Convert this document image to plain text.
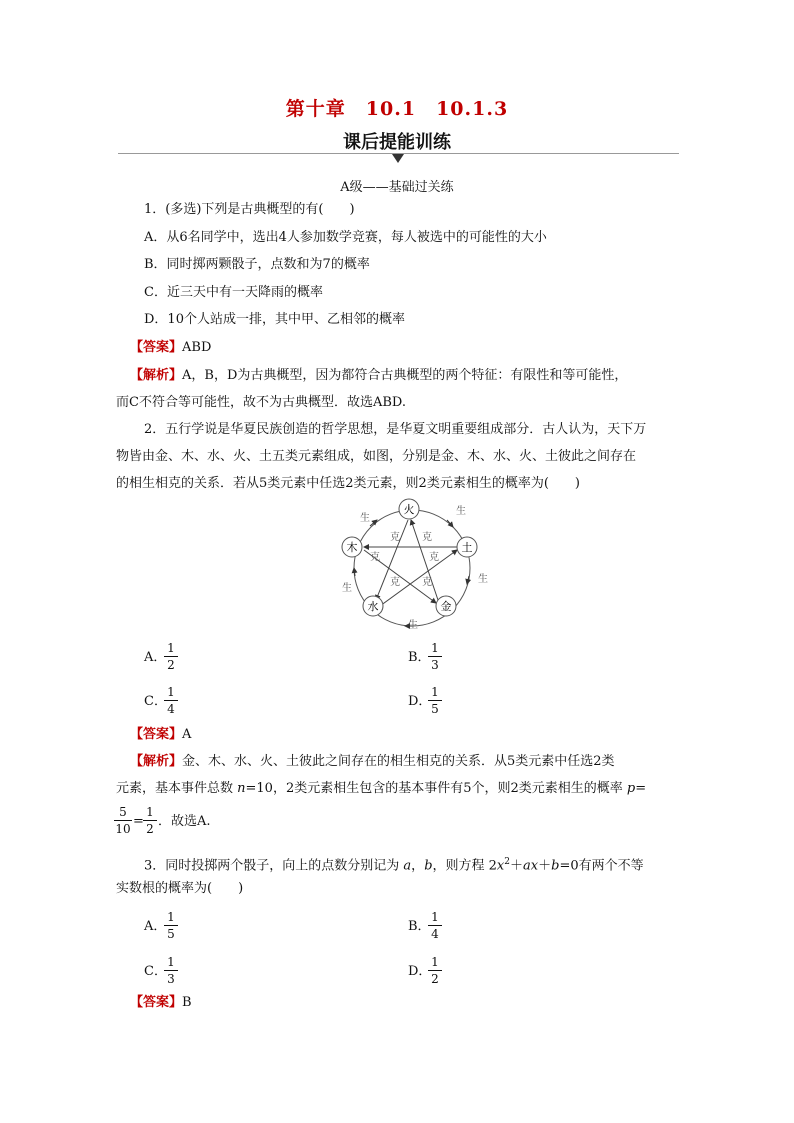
第十章　10.1　10.1.3
课后提能训练
A级——基础过关练
1．(多选)下列是古典概型的有(　　)
A．从6名同学中，选出4人参加数学竞赛，每人被选中的可能性的大小
B．同时掷两颗骰子，点数和为7的概率
C．近三天中有一天降雨的概率
D．10个人站成一排，其中甲、乙相邻的概率
【答案】ABD
【解析】A，B，D为古典概型，因为都符合古典概型的两个特征：有限性和等可能性，
而C不符合等可能性，故不为古典概型．故选ABD.
2．五行学说是华夏民族创造的哲学思想，是华夏文明重要组成部分．古人认为，天下万
物皆由金、木、水、火、土五类元素组成，如图，分别是金、木、水、火、土彼此之间存在
的相生相克的关系．若从5类元素中任选2类元素，则2类元素相生的概率为(　　)
火
土
金
水
木
生
生
生
生
生
克 克
克
克 克
克
A．
1
2	B．
1
3
C．
1
4	D．
1
5
【答案】A
【解析】金、木、水、火、土彼此之间存在的相生相克的关系．从5类元素中任选2类
元素，基本事件总数 n=10，2类元素相生包含的基本事件有5个，则2类元素相生的概率 p=
5
10 =
1
2 ．故选A.
3．同时投掷两个骰子，向上的点数分别记为 a，b，则方程 $2x^2+ax+b=0$有两个不等
实数根的概率为(　　)
A．
1
5	B．
1
4
C．
1
3	D．
1
2
【答案】B
